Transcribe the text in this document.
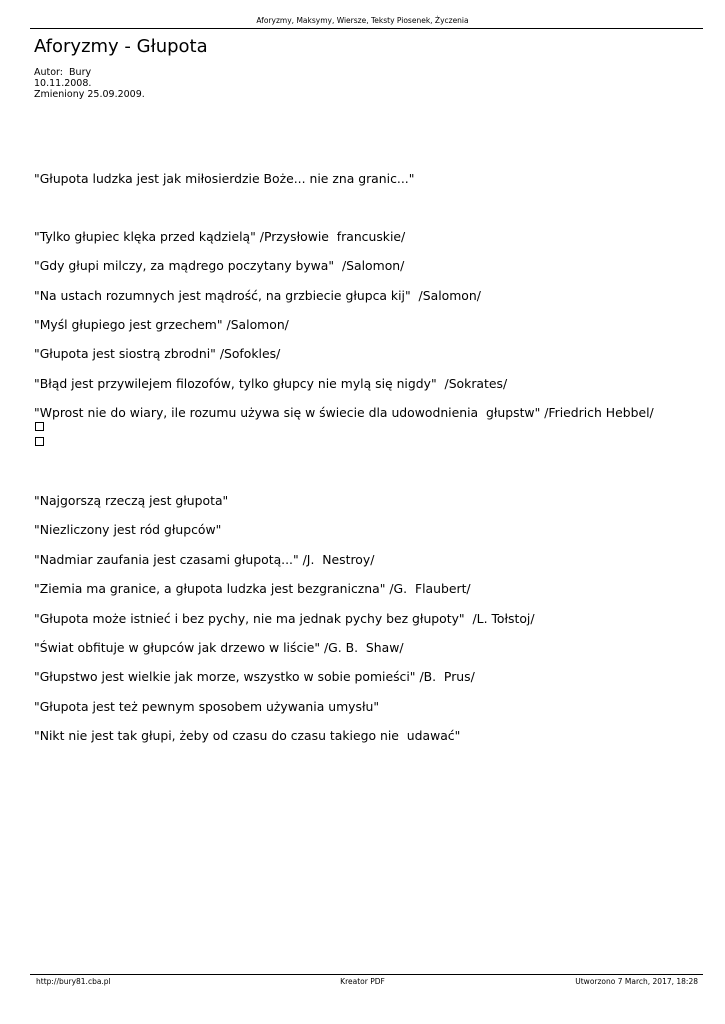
Aforyzmy, Maksymy, Wiersze, Teksty Piosenek, Życzenia
Aforyzmy - Głupota
Autor:  Bury
10.11.2008.
Zmieniony 25.09.2009.

"Głupota ludzka jest jak miłosierdzie Boże... nie zna granic..."

"Tylko głupiec klęka przed kądzielą" /Przysłowie  francuskie/

"Gdy głupi milczy, za mądrego poczytany bywa"  /Salomon/

"Na ustach rozumnych jest mądrość, na grzbiecie głupca kij"  /Salomon/

"Myśl głupiego jest grzechem" /Salomon/

"Głupota jest siostrą zbrodni" /Sofokles/

"Błąd jest przywilejem filozofów, tylko głupcy nie mylą się nigdy"  /Sokrates/

"Wprost nie do wiary, ile rozumu używa się w świecie dla udowodnienia  głupstw" /Friedrich Hebbel/

"Najgorszą rzeczą jest głupota"

"Niezliczony jest ród głupców"

"Nadmiar zaufania jest czasami głupotą..." /J.  Nestroy/

"Ziemia ma granice, a głupota ludzka jest bezgraniczna" /G.  Flaubert/

"Głupota może istnieć i bez pychy, nie ma jednak pychy bez głupoty"  /L. Tołstoj/

"Świat obfituje w głupców jak drzewo w liście" /G. B.  Shaw/

"Głupstwo jest wielkie jak morze, wszystko w sobie pomieści" /B.  Prus/

"Głupota jest też pewnym sposobem używania umysłu"

"Nikt nie jest tak głupi, żeby od czasu do czasu takiego nie  udawać"

http://bury81.cba.pl	Kreator PDF	Utworzono 7 March, 2017, 18:28
